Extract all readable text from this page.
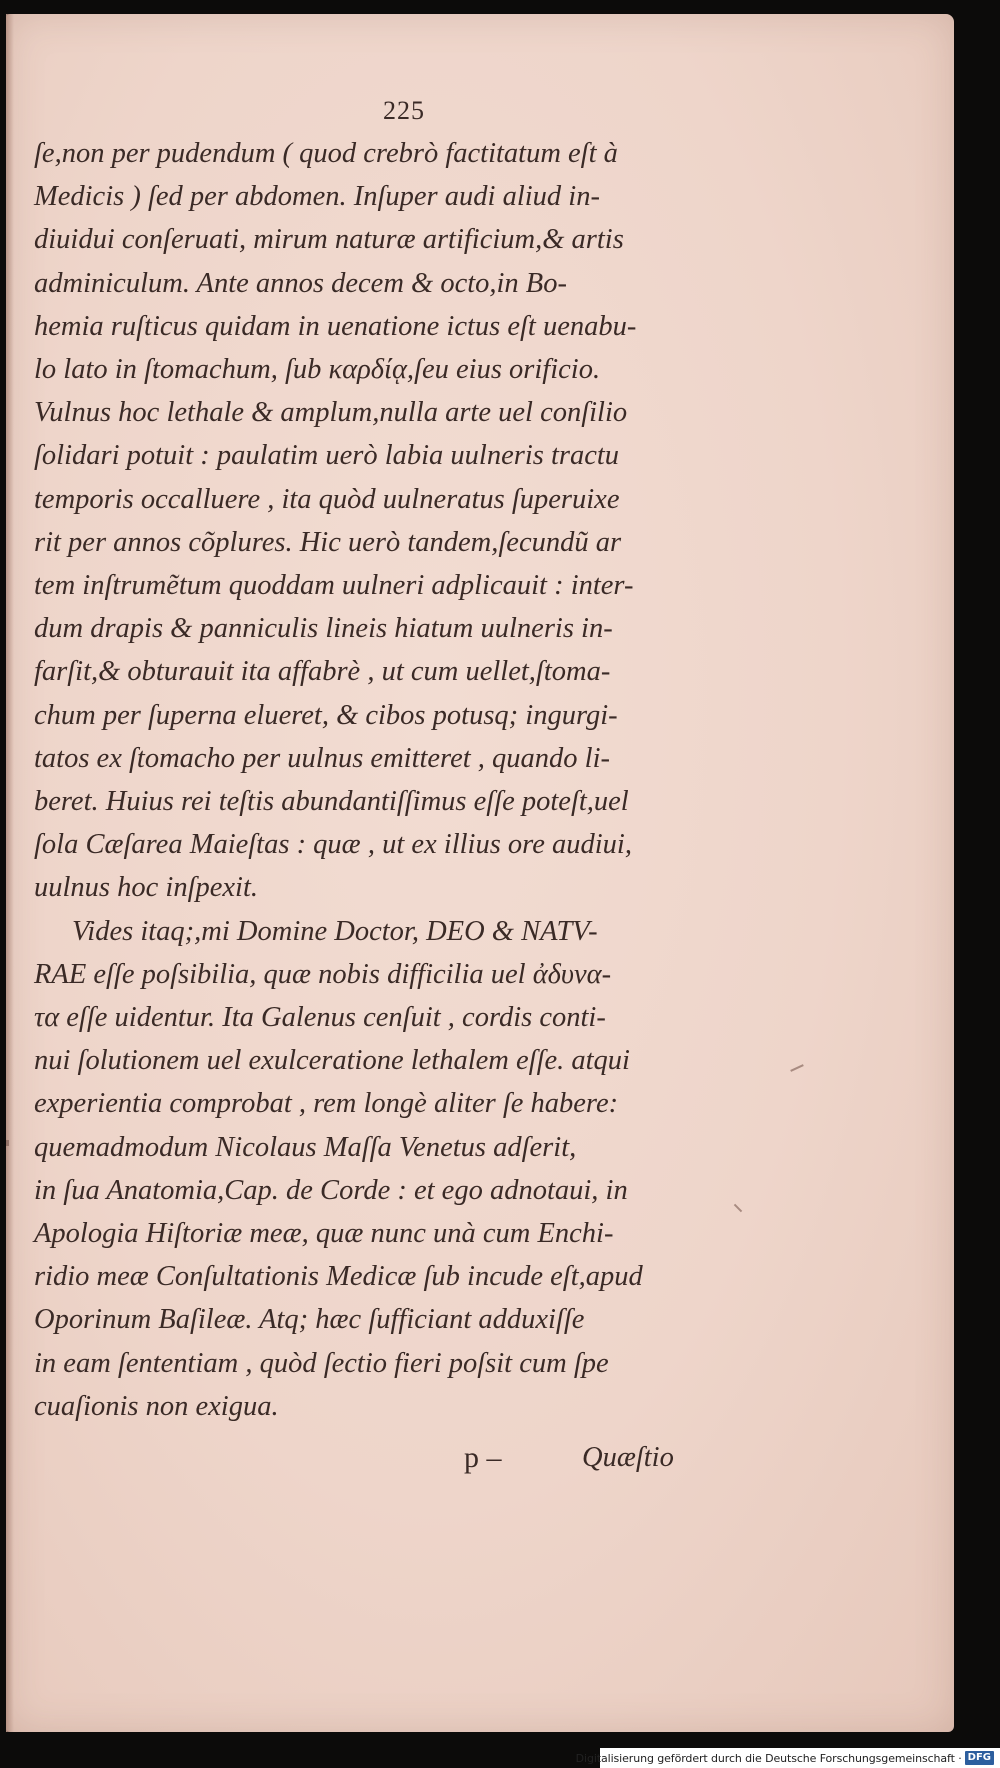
225
ſe,non per pudendum ( quod crebrò factitatum eſt à
Medicis ) ſed per abdomen. Inſuper audi aliud in-
diuidui conſeruati, mirum naturæ artificium,& artis
adminiculum. Ante annos decem & octo,in Bo-
hemia ruſticus quidam in uenatione ictus eſt uenabu-
lo lato in ſtomachum, ſub καρδίᾳ,ſeu eius orificio.
Vulnus hoc lethale & amplum,nulla arte uel conſilio
ſolidari potuit : paulatim uerò labia uulneris tractu
temporis occalluere , ita quòd uulneratus ſuperuixe
rit per annos cõplures. Hic uerò tandem,ſecundũ ar
tem inſtrumẽtum quoddam uulneri adplicauit : inter-
dum drapis & panniculis lineis hiatum uulneris in-
farſit,& obturauit ita affabrè , ut cum uellet,ſtoma-
chum per ſuperna elueret, & cibos potusq; ingurgi-
tatos ex ſtomacho per uulnus emitteret , quando li-
beret. Huius rei teſtis abundantiſſimus eſſe poteſt,uel
ſola Cæſarea Maieſtas : quæ , ut ex illius ore audiui,
uulnus hoc inſpexit.
Vides itaq;,mi Domine Doctor, DEO & NATV-
RAE eſſe poſsibilia, quæ nobis difficilia uel ἀδυνα-
τα eſſe uidentur. Ita Galenus cenſuit , cordis conti-
nui ſolutionem uel exulceratione lethalem eſſe. atqui
experientia comprobat , rem longè aliter ſe habere:
quemadmodum Nicolaus Maſſa Venetus adſerit,
in ſua Anatomia,Cap. de Corde : et ego adnotaui, in
Apologia Hiſtoriæ meæ, quæ nunc unà cum Enchi-
ridio meæ Conſultationis Medicæ ſub incude eſt,apud
Oporinum Baſileæ. Atq; hæc ſufficiant adduxiſſe
in eam ſententiam , quòd ſectio fieri poſsit cum ſpe
cuaſionis non exigua.
p –	Quæſtio
Digitalisierung gefördert durch die Deutsche Forschungsgemeinschaft · DFG
